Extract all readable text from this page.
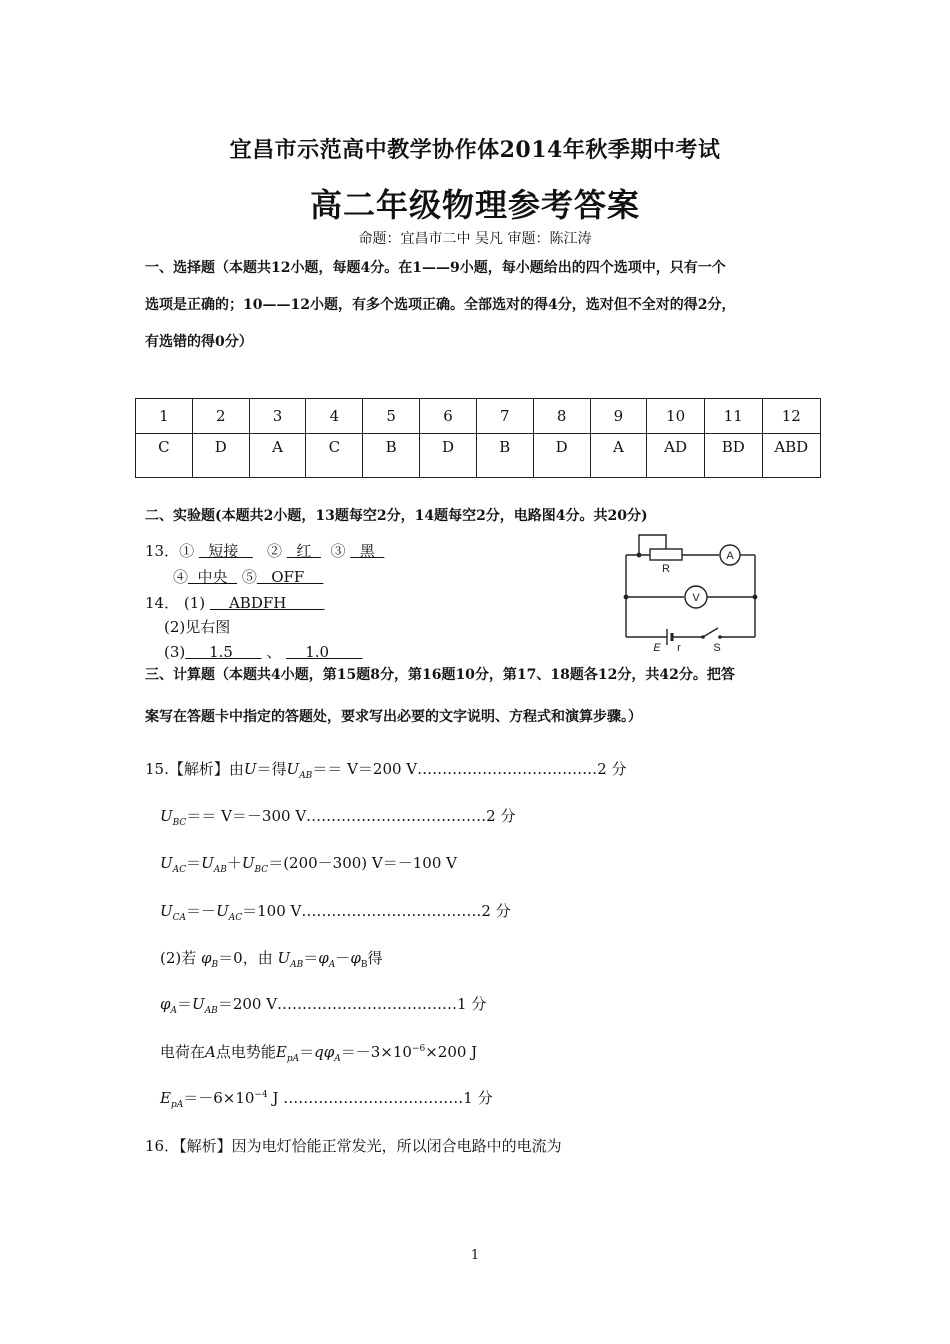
宜昌市示范高中教学协作体2014年秋季期中考试
高二年级物理参考答案
命题：宜昌市二中 吴凡 审题：陈江涛
一、选择题（本题共12小题，每题4分。在1——9小题，每小题给出的四个选项中，只有一个
选项是正确的；10——12小题，有多个选项正确。全部选对的得4分，选对但不全对的得2分，
有选错的得0分）
1	2	3	4	5	6	7	8	9	10	11	12
C	D	A	C	B	D	B	D	A	AD	BD	ABD
二、实验题(本题共2小题，13题每空2分，14题每空2分，电路图4分。共20分)
13．①   短接      ②   红    ③   黑
④  中央   ⑤   OFF
14． (1)     ABDFH
(2)见右图
(3)     1.5       、     1.0
R
A
V
E r	S
三、计算题（本题共4小题，第15题8分，第16题10分，第17、18题各12分，共42分。把答
案写在答题卡中指定的答题处，要求写出必要的文字说明、方程式和演算步骤。）
15.【解析】由U＝得$U_{AB}== V=200$ V………………………………2 分
$U_{BC}== V=-300$ V………………………………2 分
$U_{AC}=U_{AB}+U_{BC}=(200-300)$ V＝－100 V
$U_{CA}=-U_{AC}=100$ V………………………………2 分
(2)若 $\varphi_B=0$，由 $U_{AB}=\varphi_A-\varphi_B$得
$\varphi_A=U_{AB}=200$ V………………………………1 分
电荷在A点电势能$E_{pA}=q\varphi_A=-3\times 10^{-6}\times 200$ J
$E_{pA}=-6\times 10^{-4}$ J ………………………………1 分
16．【解析】因为电灯恰能正常发光，所以闭合电路中的电流为
1
